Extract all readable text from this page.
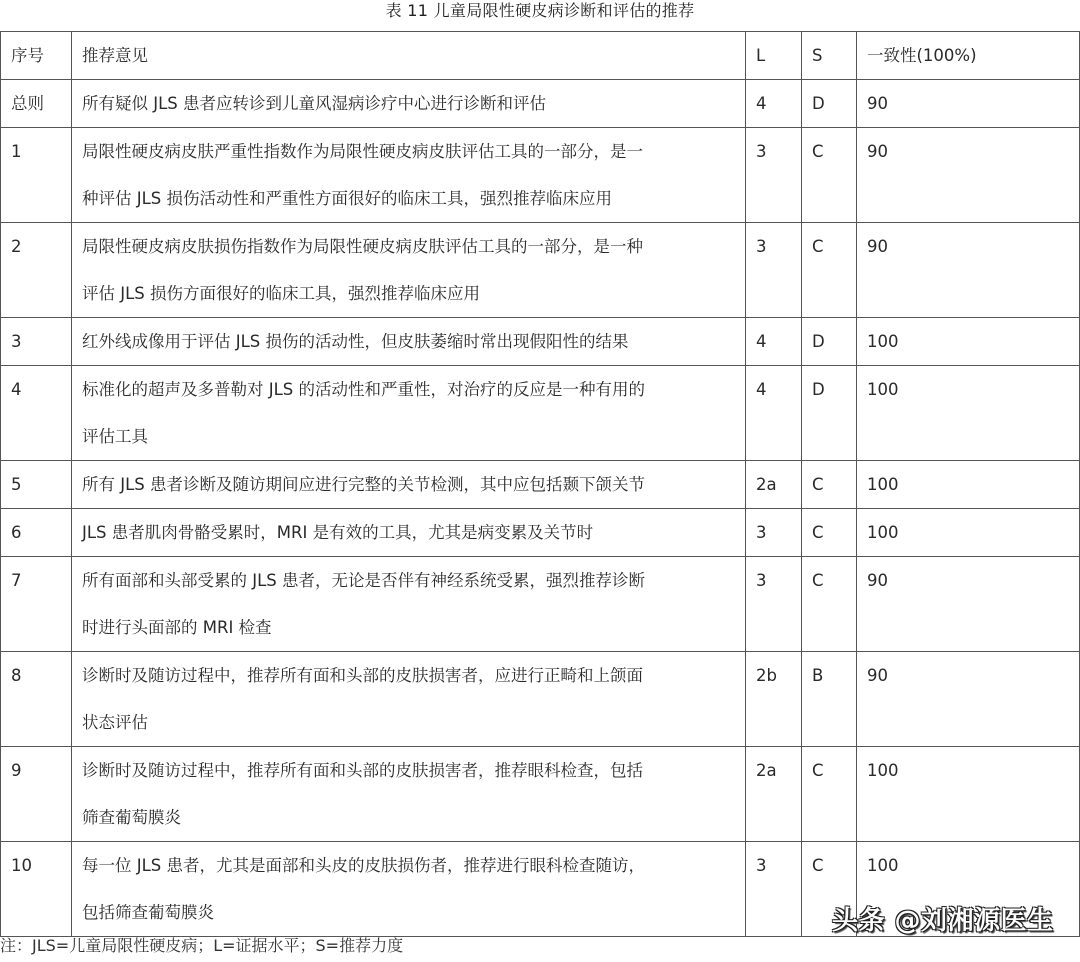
表 11 儿童局限性硬皮病诊断和评估的推荐
序号	推荐意见	L	S	一致性(100%)
总则	所有疑似 JLS 患者应转诊到儿童风湿病诊疗中心进行诊断和评估	4	D	90
1	局限性硬皮病皮肤严重性指数作为局限性硬皮病皮肤评估工具的一部分，是一
种评估 JLS 损伤活动性和严重性方面很好的临床工具，强烈推荐临床应用	3	C	90
2	局限性硬皮病皮肤损伤指数作为局限性硬皮病皮肤评估工具的一部分，是一种
评估 JLS 损伤方面很好的临床工具，强烈推荐临床应用	3	C	90
3	红外线成像用于评估 JLS 损伤的活动性，但皮肤萎缩时常出现假阳性的结果	4	D	100
4	标准化的超声及多普勒对 JLS 的活动性和严重性，对治疗的反应是一种有用的
评估工具	4	D	100
5	所有 JLS 患者诊断及随访期间应进行完整的关节检测，其中应包括颞下颌关节	2a	C	100
6	JLS 患者肌肉骨骼受累时，MRI 是有效的工具，尤其是病变累及关节时	3	C	100
7	所有面部和头部受累的 JLS 患者，无论是否伴有神经系统受累，强烈推荐诊断
时进行头面部的 MRI 检查	3	C	90
8	诊断时及随访过程中，推荐所有面和头部的皮肤损害者，应进行正畸和上颌面
状态评估	2b	B	90
9	诊断时及随访过程中，推荐所有面和头部的皮肤损害者，推荐眼科检查，包括
筛查葡萄膜炎	2a	C	100
10	每一位 JLS 患者，尤其是面部和头皮的皮肤损伤者，推荐进行眼科检查随访，
包括筛查葡萄膜炎	3	C	100
注：JLS=儿童局限性硬皮病；L=证据水平；S=推荐力度
头条 @刘湘源医生
